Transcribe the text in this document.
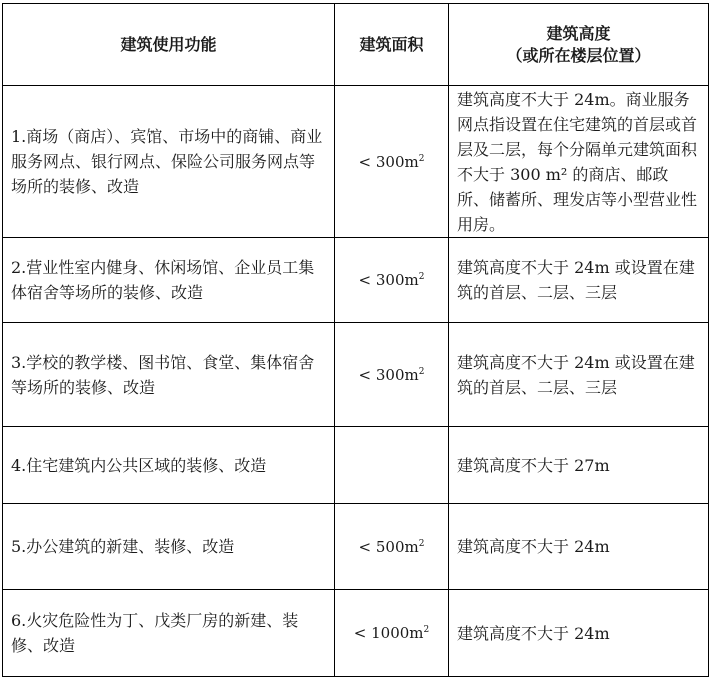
建筑使用功能	建筑面积	建筑高度
（或所在楼层位置）

1.商场（商店）、宾馆、市场中的商铺、商业服务网点、银行网点、保险公司服务网点等场所的装修、改造	< $300m^2$	建筑高度不大于 24m。商业服务网点指设置在住宅建筑的首层或首层及二层，每个分隔单元建筑面积不大于 300 m² 的商店、邮政所、储蓄所、理发店等小型营业性用房。
2.营业性室内健身、休闲场馆、企业员工集体宿舍等场所的装修、改造	< $300m^2$	建筑高度不大于 24m 或设置在建筑的首层、二层、三层
3.学校的教学楼、图书馆、食堂、集体宿舍等场所的装修、改造	< $300m^2$	建筑高度不大于 24m 或设置在建筑的首层、二层、三层
4.住宅建筑内公共区域的装修、改造		建筑高度不大于 27m
5.办公建筑的新建、装修、改造	< $500m^2$	建筑高度不大于 24m
6.火灾危险性为丁、戊类厂房的新建、装修、改造	< $1000m^2$	建筑高度不大于 24m
